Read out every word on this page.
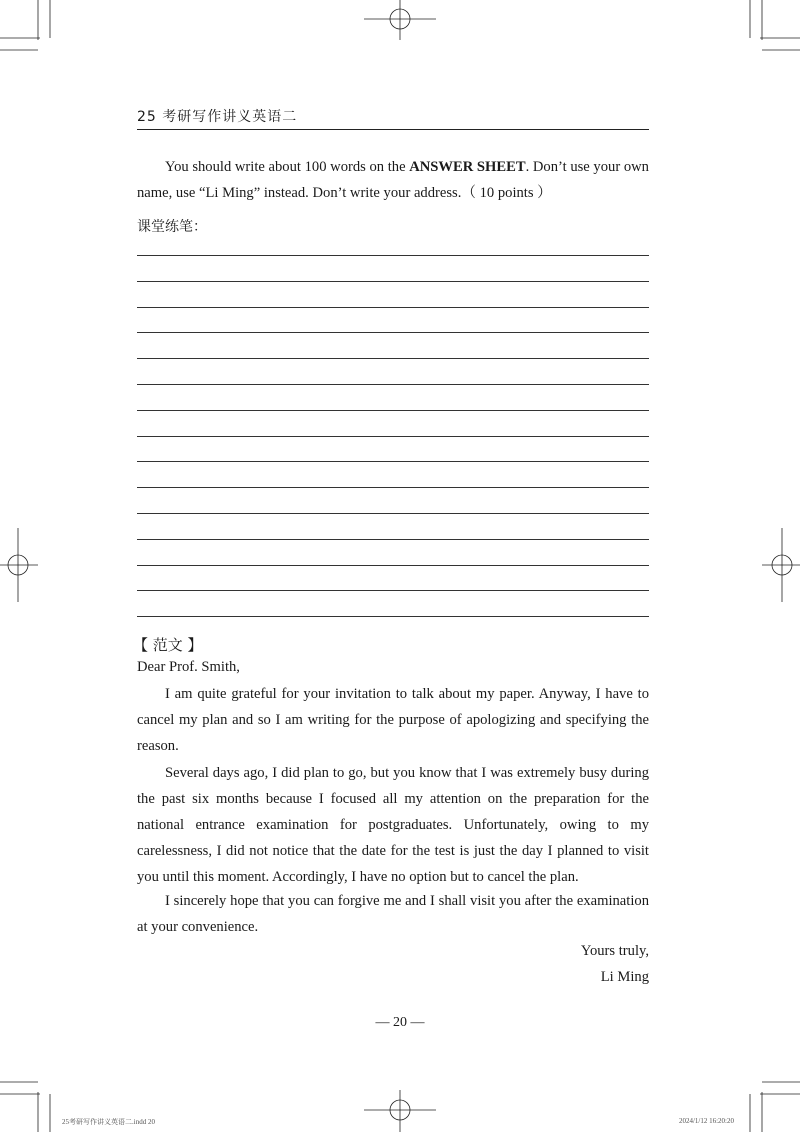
25 考研写作讲义英语二

You should write about 100 words on the ANSWER SHEET. Don’t use your own name, use “Li Ming” instead. Don’t write your address.（ 10 points ）

课堂练笔：
【 范文 】
Dear Prof. Smith,

I am quite grateful for your invitation to talk about my paper. Anyway, I have to cancel my plan and so I am writing for the purpose of apologizing and specifying the reason.

Several days ago, I did plan to go, but you know that I was extremely busy during the past six months because I focused all my attention on the preparation for the national entrance examination for postgraduates. Unfortunately, owing to my carelessness, I did not notice that the date for the test is just the day I planned to visit you until this moment. Accordingly, I have no option but to cancel the plan.

I sincerely hope that you can forgive me and I shall visit you after the examination at your convenience.

Yours truly,
Li Ming
— 20 —
25考研写作讲义英语二.indd 20	2024/1/12 16:20:20
